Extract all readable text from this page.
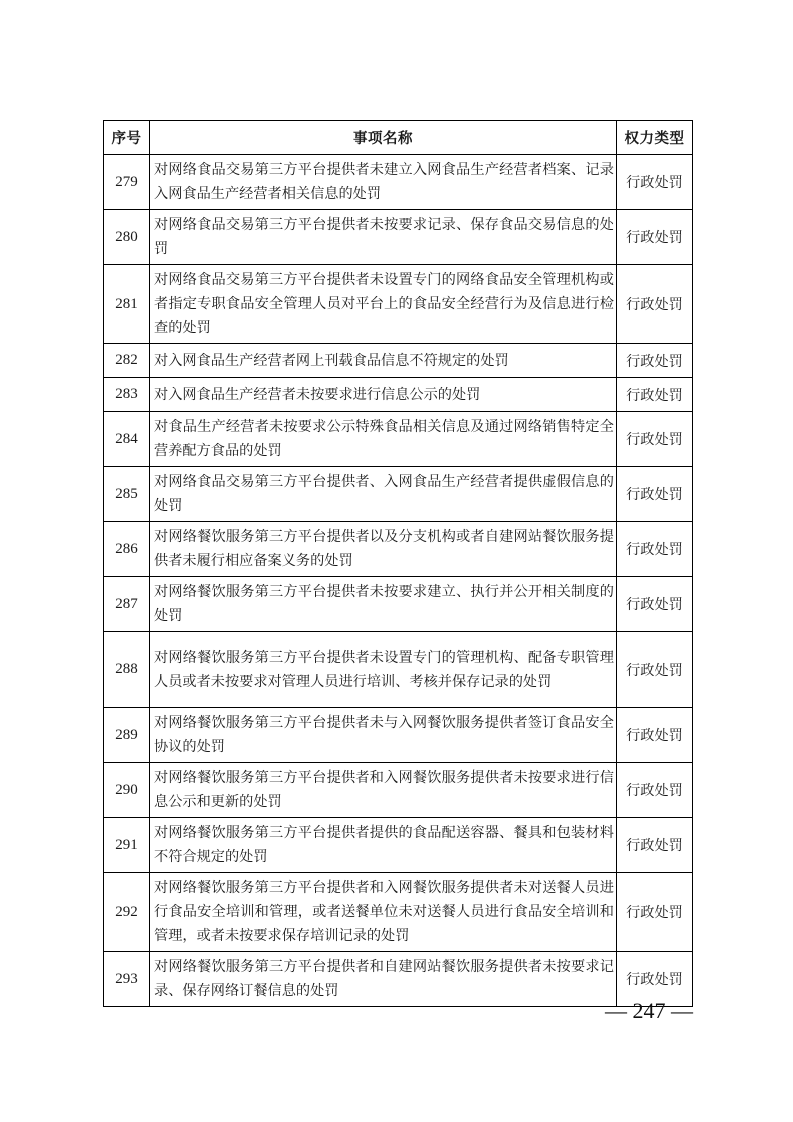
序号	事项名称	权力类型
279	对网络食品交易第三方平台提供者未建立入网食品生产经营者档案、记录入网食品生产经营者相关信息的处罚	行政处罚
280	对网络食品交易第三方平台提供者未按要求记录、保存食品交易信息的处罚	行政处罚
281	对网络食品交易第三方平台提供者未设置专门的网络食品安全管理机构或者指定专职食品安全管理人员对平台上的食品安全经营行为及信息进行检查的处罚	行政处罚
282	对入网食品生产经营者网上刊载食品信息不符规定的处罚	行政处罚
283	对入网食品生产经营者未按要求进行信息公示的处罚	行政处罚
284	对食品生产经营者未按要求公示特殊食品相关信息及通过网络销售特定全营养配方食品的处罚	行政处罚
285	对网络食品交易第三方平台提供者、入网食品生产经营者提供虚假信息的处罚	行政处罚
286	对网络餐饮服务第三方平台提供者以及分支机构或者自建网站餐饮服务提供者未履行相应备案义务的处罚	行政处罚
287	对网络餐饮服务第三方平台提供者未按要求建立、执行并公开相关制度的处罚	行政处罚
288	对网络餐饮服务第三方平台提供者未设置专门的管理机构、配备专职管理人员或者未按要求对管理人员进行培训、考核并保存记录的处罚	行政处罚
289	对网络餐饮服务第三方平台提供者未与入网餐饮服务提供者签订食品安全协议的处罚	行政处罚
290	对网络餐饮服务第三方平台提供者和入网餐饮服务提供者未按要求进行信息公示和更新的处罚	行政处罚
291	对网络餐饮服务第三方平台提供者提供的食品配送容器、餐具和包装材料不符合规定的处罚	行政处罚
292	对网络餐饮服务第三方平台提供者和入网餐饮服务提供者未对送餐人员进行食品安全培训和管理，或者送餐单位未对送餐人员进行食品安全培训和管理，或者未按要求保存培训记录的处罚	行政处罚
293	对网络餐饮服务第三方平台提供者和自建网站餐饮服务提供者未按要求记录、保存网络订餐信息的处罚	行政处罚
— 247 —
